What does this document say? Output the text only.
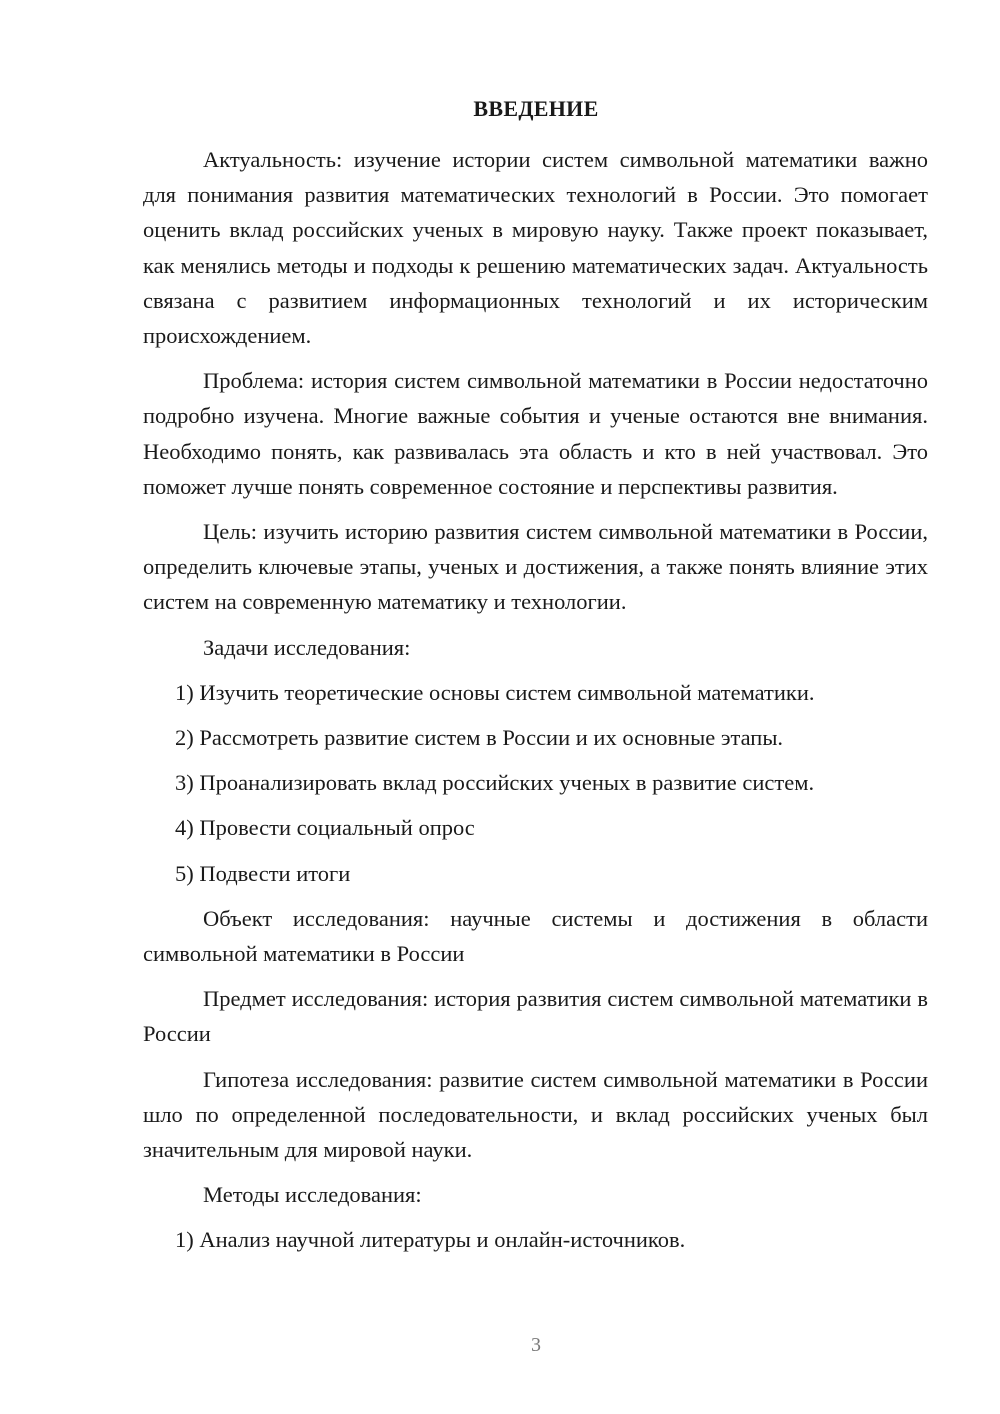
ВВЕДЕНИЕ

Актуальность: изучение истории систем символьной математики важно для понимания развития математических технологий в России. Это помогает оценить вклад российских ученых в мировую науку. Также проект показывает, как менялись методы и подходы к решению математических задач. Актуальность связана с развитием информационных технологий и их историческим происхождением.

Проблема: история систем символьной математики в России недостаточно подробно изучена. Многие важные события и ученые остаются вне внимания. Необходимо понять, как развивалась эта область и кто в ней участвовал. Это поможет лучше понять современное состояние и перспективы развития.

Цель: изучить историю развития систем символьной математики в России, определить ключевые этапы, ученых и достижения, а также понять влияние этих систем на современную математику и технологии.

Задачи исследования:

1) Изучить теоретические основы систем символьной математики.

2) Рассмотреть развитие систем в России и их основные этапы.

3) Проанализировать вклад российских ученых в развитие систем.

4) Провести социальный опрос

5) Подвести итоги

Объект исследования: научные системы и достижения в области символьной математики в России

Предмет исследования: история развития систем символьной математики в России

Гипотеза исследования: развитие систем символьной математики в России шло по определенной последовательности, и вклад российских ученых был значительным для мировой науки.

Методы исследования:

1) Анализ научной литературы и онлайн-источников.

3
